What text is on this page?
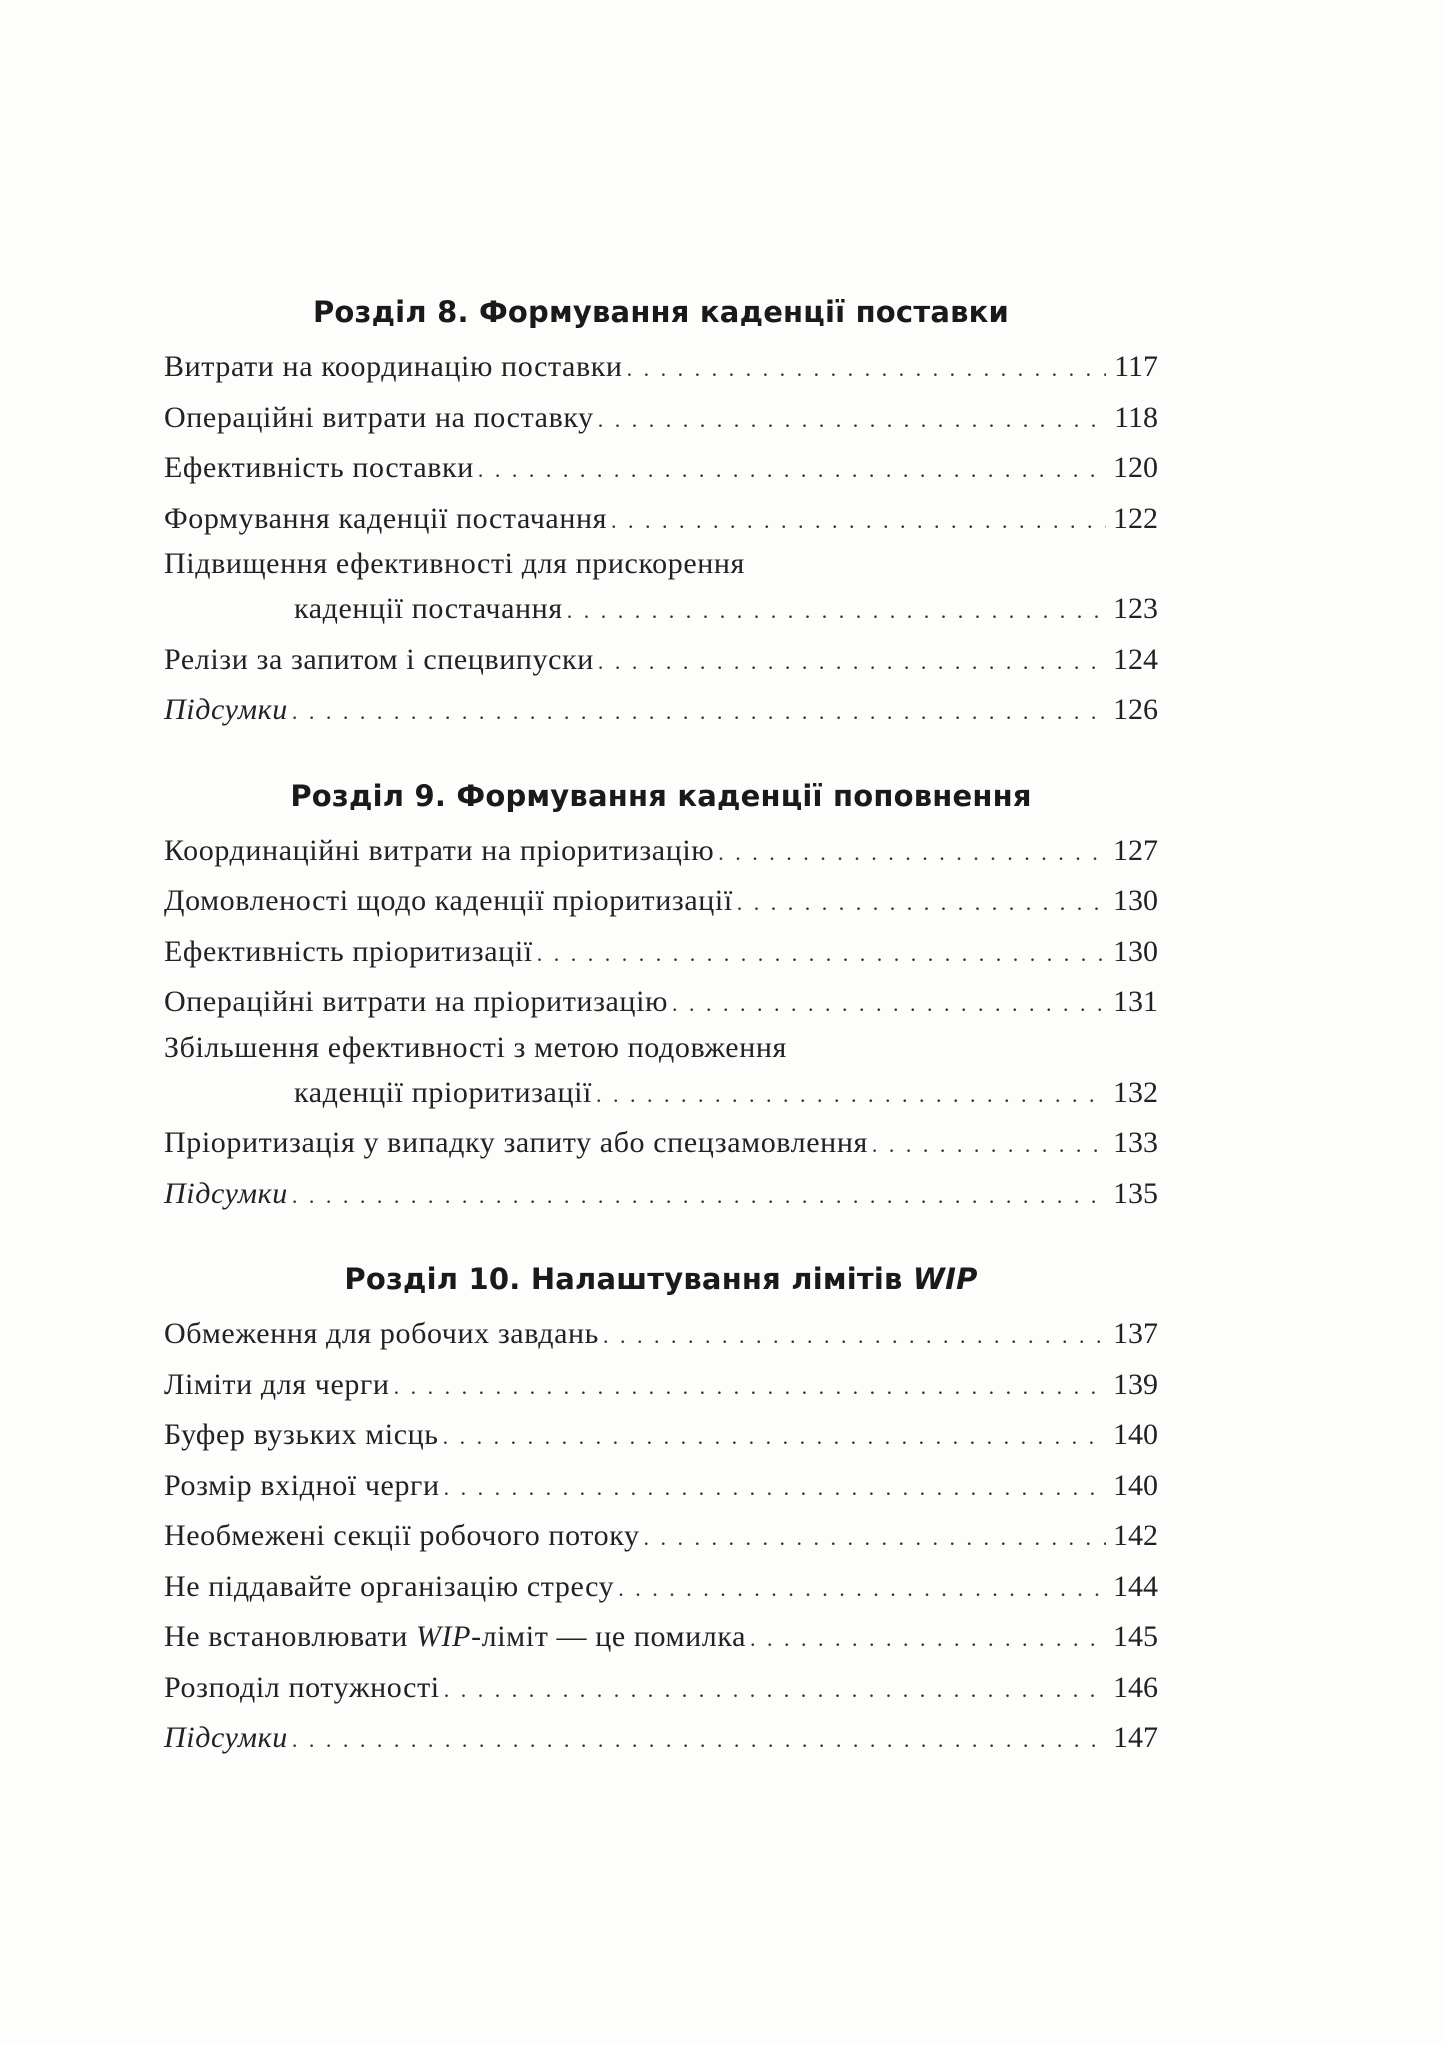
Розділ 8. Формування каденції поставки
Витрати на координацію поставки . . .	117
Операційні витрати на поставку . . .	118
Ефективність поставки . . .	120
Формування каденції постачання . . .	122
Підвищення ефективності для прискорення
каденції постачання . . .	123
Релізи за запитом і спецвипуски . . .	124
Підсумки . . .	126
Розділ 9. Формування каденції поповнення
Координаційні витрати на пріоритизацію . . .	127
Домовленості щодо каденції пріоритизації . . .	130
Ефективність пріоритизації . . .	130
Операційні витрати на пріоритизацію . . .	131
Збільшення ефективності з метою подовження
каденції пріоритизації . . .	132
Пріоритизація у випадку запиту або спецзамовлення . . .	133
Підсумки . . .	135
Розділ 10. Налаштування лімітів WIP
Обмеження для робочих завдань . . .	137
Ліміти для черги . . .	139
Буфер вузьких місць . . .	140
Розмір вхідної черги . . .	140
Необмежені секції робочого потоку . . .	142
Не піддавайте організацію стресу . . .	144
Не встановлювати WIP-ліміт — це помилка . . .	145
Розподіл потужності . . .	146
Підсумки . . .	147
